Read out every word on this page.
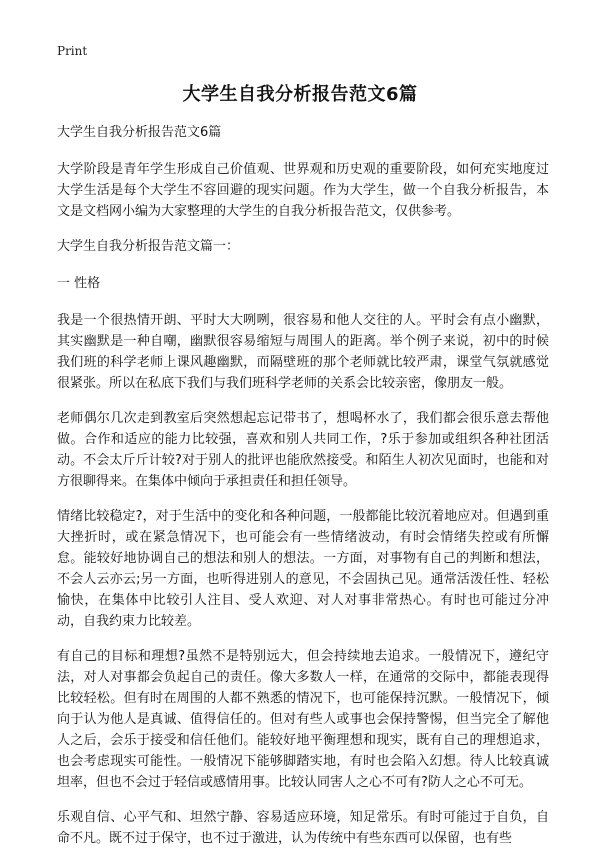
Print
大学生自我分析报告范文6篇

大学生自我分析报告范文6篇

大学阶段是青年学生形成自己价值观、世界观和历史观的重要阶段，如何充实地度过大学生活是每个大学生不容回避的现实问题。作为大学生，做一个自我分析报告，本文是文档网小编为大家整理的大学生的自我分析报告范文，仅供参考。

大学生自我分析报告范文篇一：

一 性格

我是一个很热情开朗、平时大大咧咧，很容易和他人交往的人。平时会有点小幽默，其实幽默是一种自嘲，幽默很容易缩短与周围人的距离。举个例子来说，初中的时候我们班的科学老师上课风趣幽默，而隔壁班的那个老师就比较严肃，课堂气氛就感觉很紧张。所以在私底下我们与我们班科学老师的关系会比较亲密，像朋友一般。

老师偶尔几次走到教室后突然想起忘记带书了，想喝杯水了，我们都会很乐意去帮他做。合作和适应的能力比较强，喜欢和别人共同工作，?乐于参加或组织各种社团活动。不会太斤斤计较?对于别人的批评也能欣然接受。和陌生人初次见面时，也能和对方很聊得来。在集体中倾向于承担责任和担任领导。

情绪比较稳定?，对于生活中的变化和各种问题，一般都能比较沉着地应对。但遇到重大挫折时，或在紧急情况下，也可能会有一些情绪波动，有时会情绪失控或有所懈怠。能较好地协调自己的想法和别人的想法。一方面，对事物有自己的判断和想法，不会人云亦云;另一方面，也听得进别人的意见，不会固执己见。通常活泼任性、轻松愉快，在集体中比较引人注目、受人欢迎、对人对事非常热心。有时也可能过分冲动，自我约束力比较差。

有自己的目标和理想?虽然不是特别远大，但会持续地去追求。一般情况下，遵纪守法，对人对事都会负起自己的责任。像大多数人一样，在通常的交际中，都能表现得比较轻松。但有时在周围的人都不熟悉的情况下，也可能保持沉默。一般情况下，倾向于认为他人是真诚、值得信任的。但对有些人或事也会保持警惕，但当完全了解他人之后，会乐于接受和信任他们。能较好地平衡理想和现实，既有自己的理想追求，也会考虑现实可能性。一般情况下能够脚踏实地，有时也会陷入幻想。待人比较真诚坦率，但也不会过于轻信或感情用事。比较认同害人之心不可有?防人之心不可无。

乐观自信、心平气和、坦然宁静、容易适应环境，知足常乐。有时可能过于自负，自命不凡。既不过于保守，也不过于激进，认为传统中有些东西可以保留，也有些
